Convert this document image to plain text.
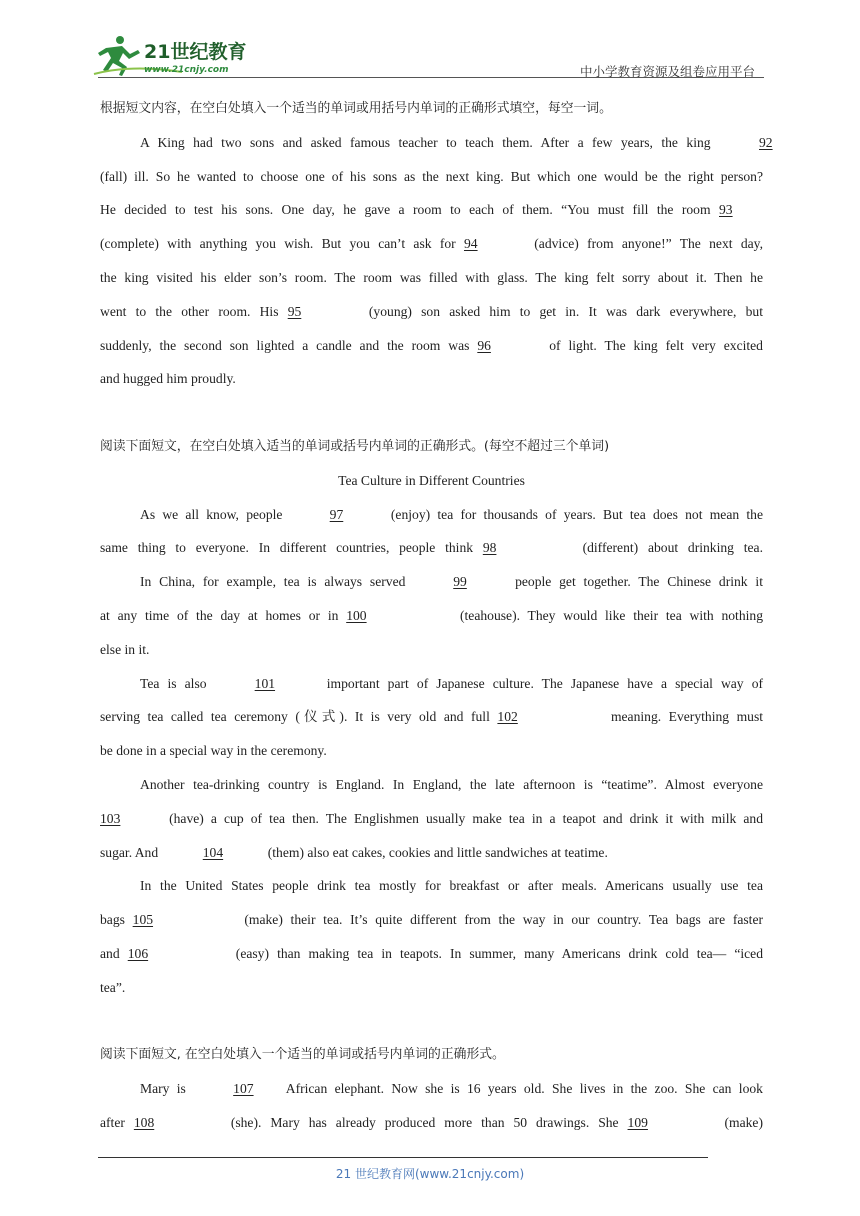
21世纪教育
www.21cnjy.com	中小学教育资源及组卷应用平台
根据短文内容，在空白处填入一个适当的单词或用括号内单词的正确形式填空，每空一词。
A King had two sons and asked famous teacher to teach them. After a few years, the king	92
(fall) ill. So he wanted to choose one of his sons as the next king. But which one would be the right person?
He decided to test his sons. One day, he gave a room to each of them. “You must fill the room 93
(complete) with anything you wish. But you can’t ask for 94	(advice) from anyone!” The next day,
the king visited his elder son’s room. The room was filled with glass. The king felt sorry about it. Then he
went to the other room. His 95	(young) son asked him to get in. It was dark everywhere, but
suddenly, the second son lighted a candle and the room was 96	of light. The king felt very excited
and hugged him proudly.
阅读下面短文，在空白处填入适当的单词或括号内单词的正确形式。(每空不超过三个单词)
Tea Culture in Different Countries
As we all know, people	97	(enjoy) tea for thousands of years. But tea does not mean the
same thing to everyone. In different countries, people think 98	(different) about drinking tea.
In China, for example, tea is always served	99	people get together. The Chinese drink it
at any time of the day at homes or in 100	(teahouse). They would like their tea with nothing
else in it.
Tea is also	101	important part of Japanese culture. The Japanese have a special way of
serving tea called tea ceremony (仪式). It is very old and full 102	meaning. Everything must
be done in a special way in the ceremony.
Another tea-drinking country is England. In England, the late afternoon is “teatime”. Almost everyone
103	(have) a cup of tea then. The Englishmen usually make tea in a teapot and drink it with milk and
sugar. And	104	(them) also eat cakes, cookies and little sandwiches at teatime.
In the United States people drink tea mostly for breakfast or after meals. Americans usually use tea
bags 105	(make) their tea. It’s quite different from the way in our country. Tea bags are faster
and 106	(easy) than making tea in teapots. In summer, many Americans drink cold tea— “iced
tea”.
阅读下面短文, 在空白处填入一个适当的单词或括号内单词的正确形式。
Mary is	107 African elephant. Now she is 16 years old. She lives in the zoo. She can look
after 108	(she). Mary has already produced more than 50 drawings. She 109	(make)
21 世纪教育网(www.21cnjy.com)
